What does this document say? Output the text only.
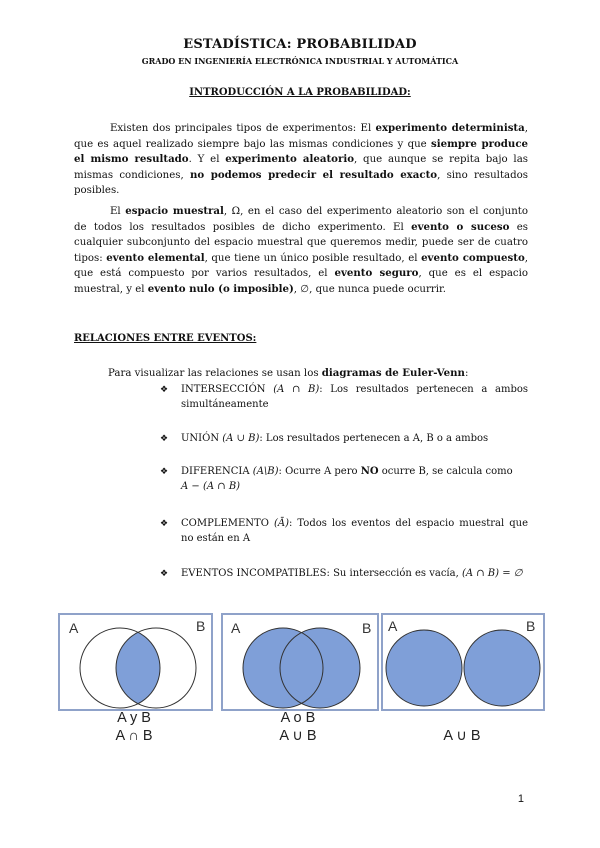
ESTADÍSTICA: PROBABILIDAD
GRADO EN INGENIERÍA ELECTRÓNICA INDUSTRIAL Y AUTOMÁTICA
INTRODUCCIÓN A LA PROBABILIDAD:
Existen dos principales tipos de experimentos: El experimento determinista, que es aquel realizado siempre bajo las mismas condiciones y que siempre produce el mismo resultado. Y el experimento aleatorio, que aunque se repita bajo las mismas condiciones, no podemos predecir el resultado exacto, sino resultados posibles.
El espacio muestral, Ω, en el caso del experimento aleatorio son el conjunto de todos los resultados posibles de dicho experimento. El evento o suceso es cualquier subconjunto del espacio muestral que queremos medir, puede ser de cuatro tipos: evento elemental, que tiene un único posible resultado, el evento compuesto, que está compuesto por varios resultados, el evento seguro, que es el espacio muestral, y el evento nulo (o imposible), ∅, que nunca puede ocurrir.
RELACIONES ENTRE EVENTOS:
Para visualizar las relaciones se usan los diagramas de Euler-Venn:
❖ INTERSECCIÓN (A ∩ B): Los resultados pertenecen a ambos simultáneamente
❖ UNIÓN (A ∪ B): Los resultados pertenecen a A, B o a ambos
❖ DIFERENCIA (A\B): Ocurre A pero NO ocurre B, se calcula como
A − (A ∩ B)
❖ COMPLEMENTO (Ā): Todos los eventos del espacio muestral que no están en A
❖ EVENTOS INCOMPATIBLES: Su intersección es vacía, (A ∩ B) = ∅
A	B
A y B
A ∩ B
A	B
A o B
A ∪ B
A	B
A ∪ B
1
